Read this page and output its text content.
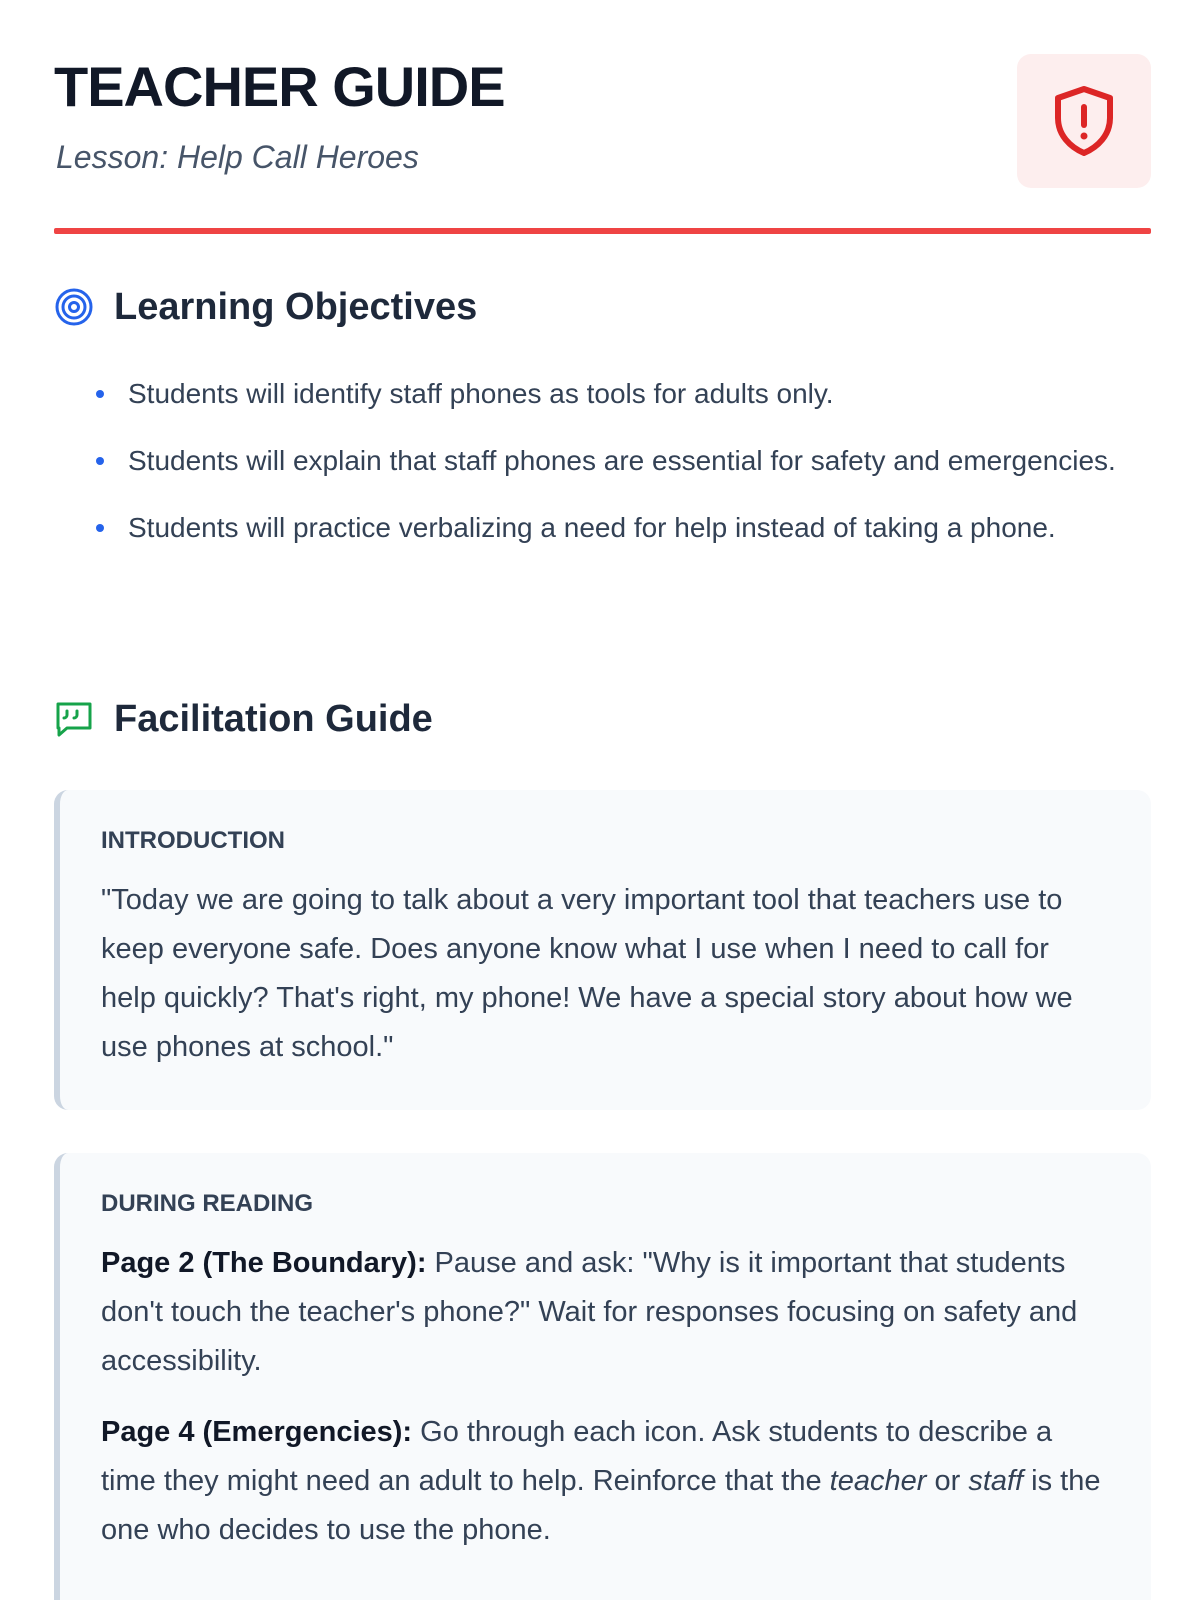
TEACHER GUIDE
Lesson: Help Call Heroes
Learning Objectives
Students will identify staff phones as tools for adults only.
Students will explain that staff phones are essential for safety and emergencies.
Students will practice verbalizing a need for help instead of taking a phone.
Facilitation Guide
INTRODUCTION

"Today we are going to talk about a very important tool that teachers use to keep everyone safe. Does anyone know what I use when I need to call for help quickly? That's right, my phone! We have a special story about how we use phones at school."

DURING READING

Page 2 (The Boundary): Pause and ask: "Why is it important that students don't touch the teacher's phone?" Wait for responses focusing on safety and accessibility.

Page 4 (Emergencies): Go through each icon. Ask students to describe a time they might need an adult to help. Reinforce that the teacher or staff is the one who decides to use the phone.
